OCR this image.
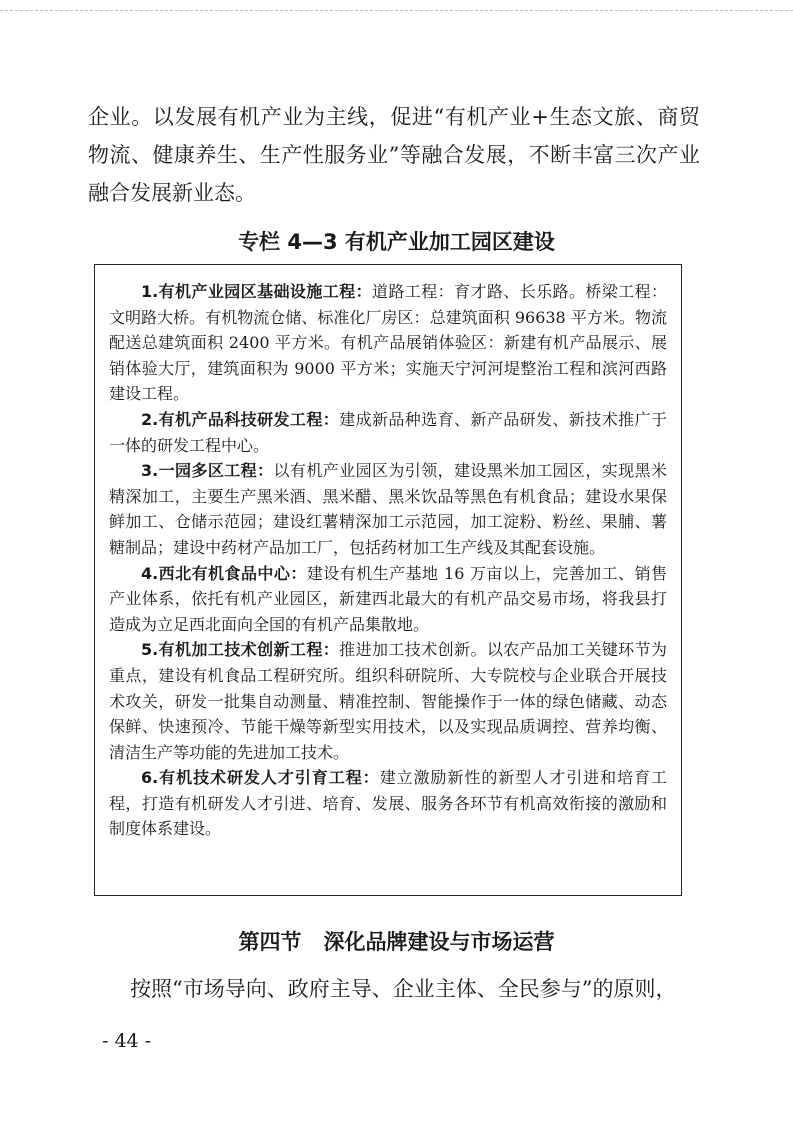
企业。以发展有机产业为主线，促进“有机产业+生态文旅、商贸物流、健康养生、生产性服务业”等融合发展，不断丰富三次产业融合发展新业态。

专栏 4—3 有机产业加工园区建设

1.有机产业园区基础设施工程：道路工程：育才路、长乐路。桥梁工程：文明路大桥。有机物流仓储、标准化厂房区：总建筑面积 96638 平方米。物流配送总建筑面积 2400 平方米。有机产品展销体验区：新建有机产品展示、展销体验大厅，建筑面积为 9000 平方米；实施天宁河河堤整治工程和滨河西路建设工程。

2.有机产品科技研发工程：建成新品种选育、新产品研发、新技术推广于一体的研发工程中心。

3.一园多区工程：以有机产业园区为引领，建设黑米加工园区，实现黑米精深加工，主要生产黑米酒、黑米醋、黑米饮品等黑色有机食品；建设水果保鲜加工、仓储示范园；建设红薯精深加工示范园，加工淀粉、粉丝、果脯、薯糖制品；建设中药材产品加工厂，包括药材加工生产线及其配套设施。

4.西北有机食品中心：建设有机生产基地 16 万亩以上，完善加工、销售产业体系，依托有机产业园区，新建西北最大的有机产品交易市场，将我县打造成为立足西北面向全国的有机产品集散地。

5.有机加工技术创新工程：推进加工技术创新。以农产品加工关键环节为重点，建设有机食品工程研究所。组织科研院所、大专院校与企业联合开展技术攻关，研发一批集自动测量、精准控制、智能操作于一体的绿色储藏、动态保鲜、快速预冷、节能干燥等新型实用技术，以及实现品质调控、营养均衡、清洁生产等功能的先进加工技术。

6.有机技术研发人才引育工程：建立激励新性的新型人才引进和培育工程，打造有机研发人才引进、培育、发展、服务各环节有机高效衔接的激励和制度体系建设。

第四节   深化品牌建设与市场运营

按照“市场导向、政府主导、企业主体、全民参与”的原则，

- 44 -
